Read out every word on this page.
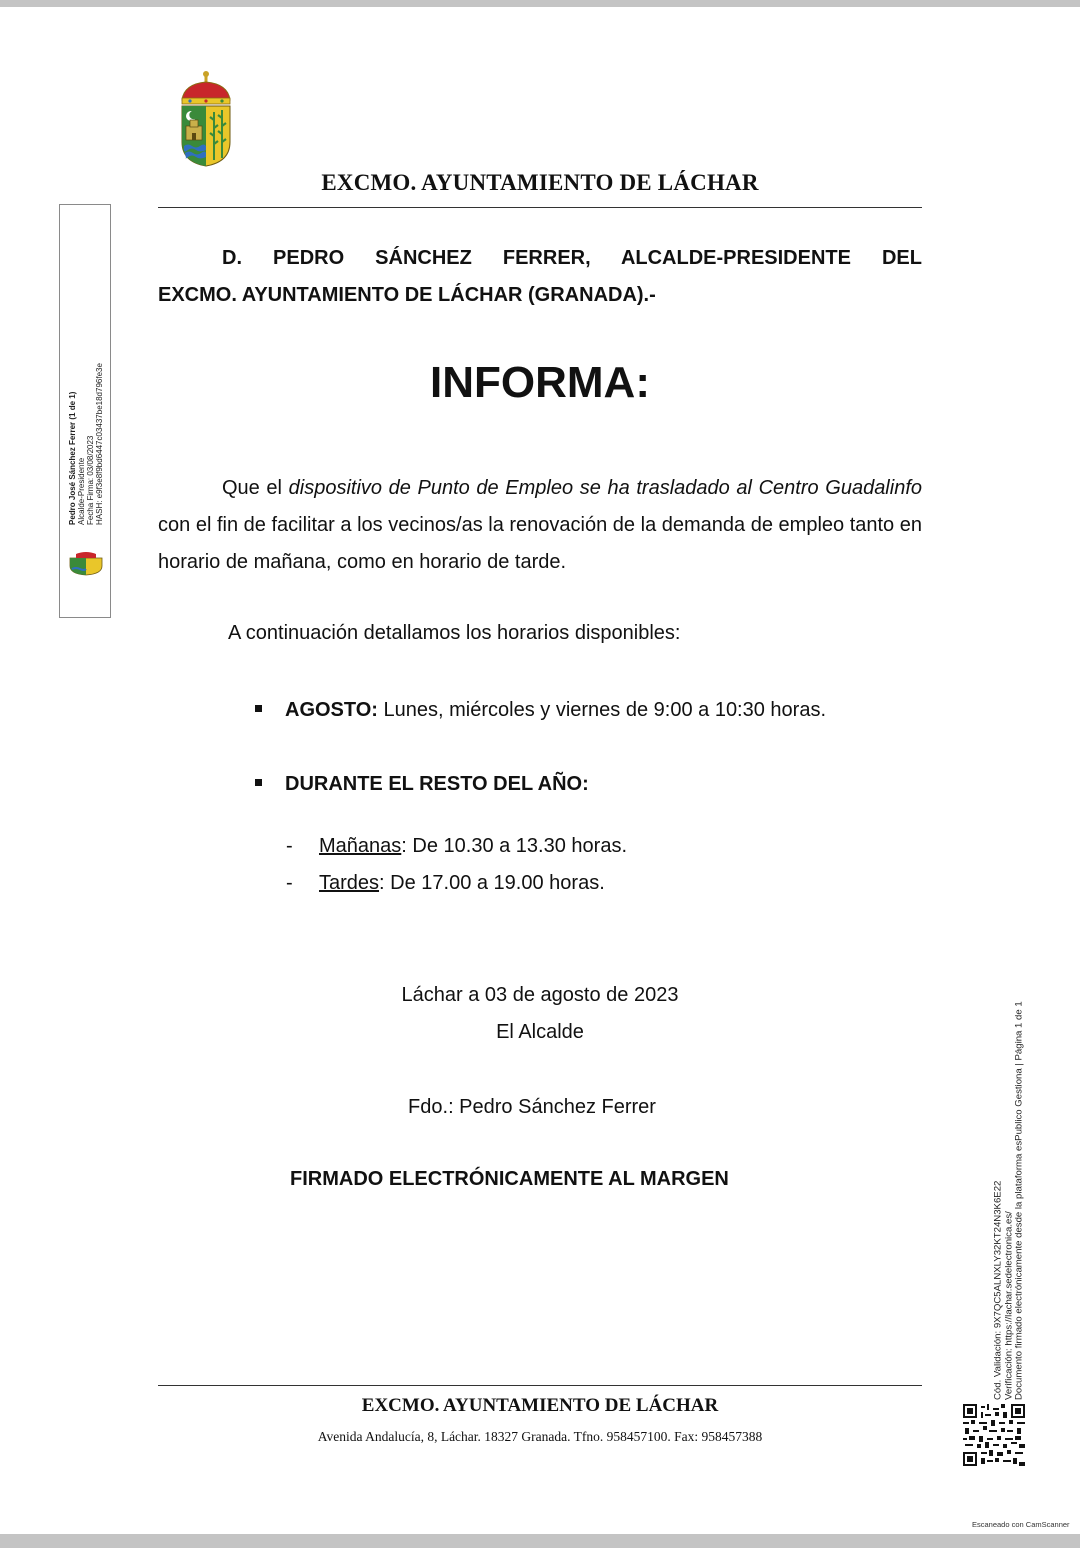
EXCMO. AYUNTAMIENTO DE LÁCHAR
Pedro José Sánchez Ferrer (1 de 1) Alcalde-Presidente Fecha Firma: 03/08/2023 HASH: e9f3e8f9bd6447c03437be18d796fe3e
D. PEDRO SÁNCHEZ FERRER, ALCALDE-PRESIDENTE DEL
EXCMO. AYUNTAMIENTO DE LÁCHAR (GRANADA).-
INFORMA:
Que el dispositivo de Punto de Empleo se ha trasladado al Centro Guadalinfo con el fin de facilitar a los vecinos/as la renovación de la demanda de empleo tanto en horario de mañana, como en horario de tarde.
A continuación detallamos los horarios disponibles:
AGOSTO: Lunes, miércoles y viernes de 9:00 a 10:30 horas.
DURANTE EL RESTO DEL AÑO:
- Mañanas: De 10.30 a 13.30 horas.
- Tardes: De 17.00 a 19.00 horas.
Láchar a 03 de agosto de 2023
El Alcalde
Fdo.: Pedro Sánchez Ferrer
FIRMADO ELECTRÓNICAMENTE AL MARGEN
Cód. Validación: 9X7QC5ALNXLY32KT24N3K6E22 Verificación: https://lachar.sedelectronica.es/ Documento firmado electrónicamente desde la plataforma esPublico Gestiona | Página 1 de 1
EXCMO. AYUNTAMIENTO DE LÁCHAR
Avenida Andalucía, 8, Láchar. 18327 Granada. Tfno. 958457100. Fax: 958457388
Escaneado con CamScanner
